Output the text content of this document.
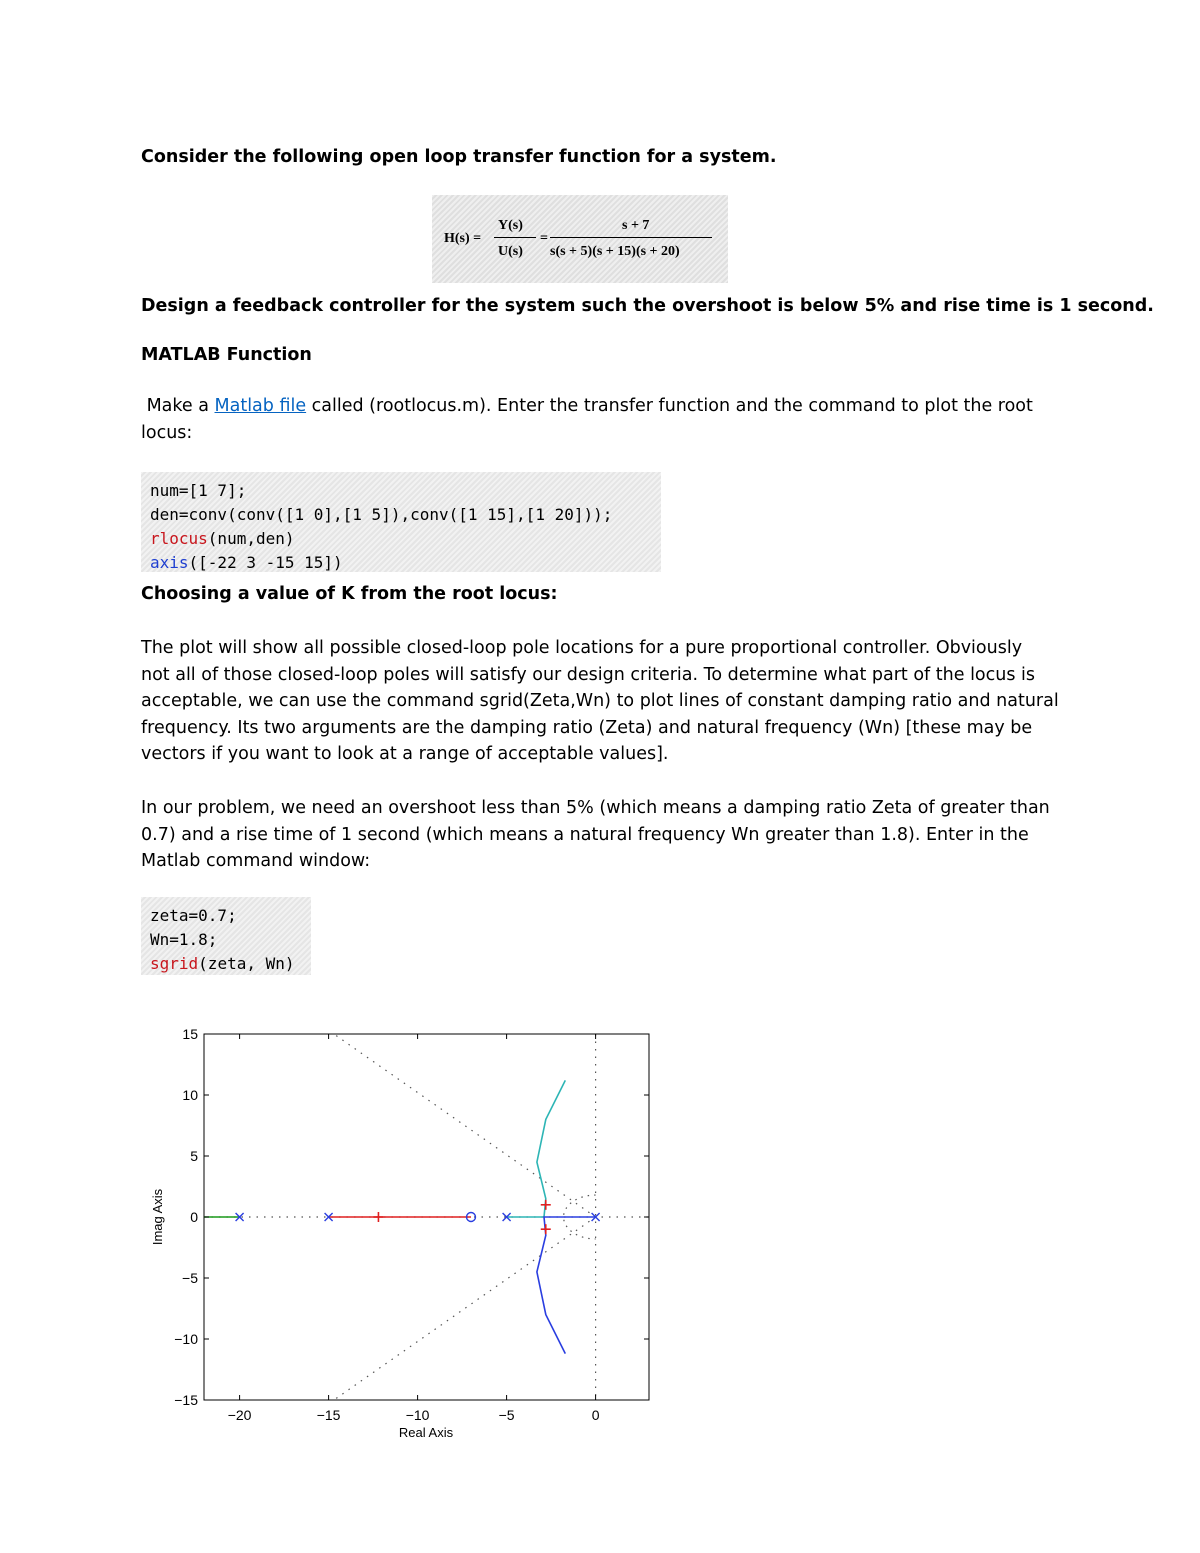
Consider the following open loop transfer function for a system.

H(s) =
Y(s)
U(s)
=
s + 7
s(s + 5)(s + 15)(s + 20)

Design a feedback controller for the system such the overshoot is below 5% and rise time is 1 second.

MATLAB Function

Make a Matlab file called (rootlocus.m). Enter the transfer function and the command to plot the root

locus:

num=[1 7];
den=conv(conv([1 0],[1 5]),conv([1 15],[1 20]));
rlocus(num,den)
axis([-22 3 -15 15])

Choosing a value of K from the root locus:

The plot will show all possible closed-loop pole locations for a pure proportional controller. Obviously

not all of those closed-loop poles will satisfy our design criteria. To determine what part of the locus is

acceptable, we can use the command sgrid(Zeta,Wn) to plot lines of constant damping ratio and natural

frequency. Its two arguments are the damping ratio (Zeta) and natural frequency (Wn) [these may be

vectors if you want to look at a range of acceptable values].

In our problem, we need an overshoot less than 5% (which means a damping ratio Zeta of greater than

0.7) and a rise time of 1 second (which means a natural frequency Wn greater than 1.8). Enter in the

Matlab command window:

zeta=0.7;
Wn=1.8;
sgrid(zeta, Wn)
−20	−15	−10	−5	0
15
10
5
0
−5
−10
−15
Real Axis
Imag Axis
